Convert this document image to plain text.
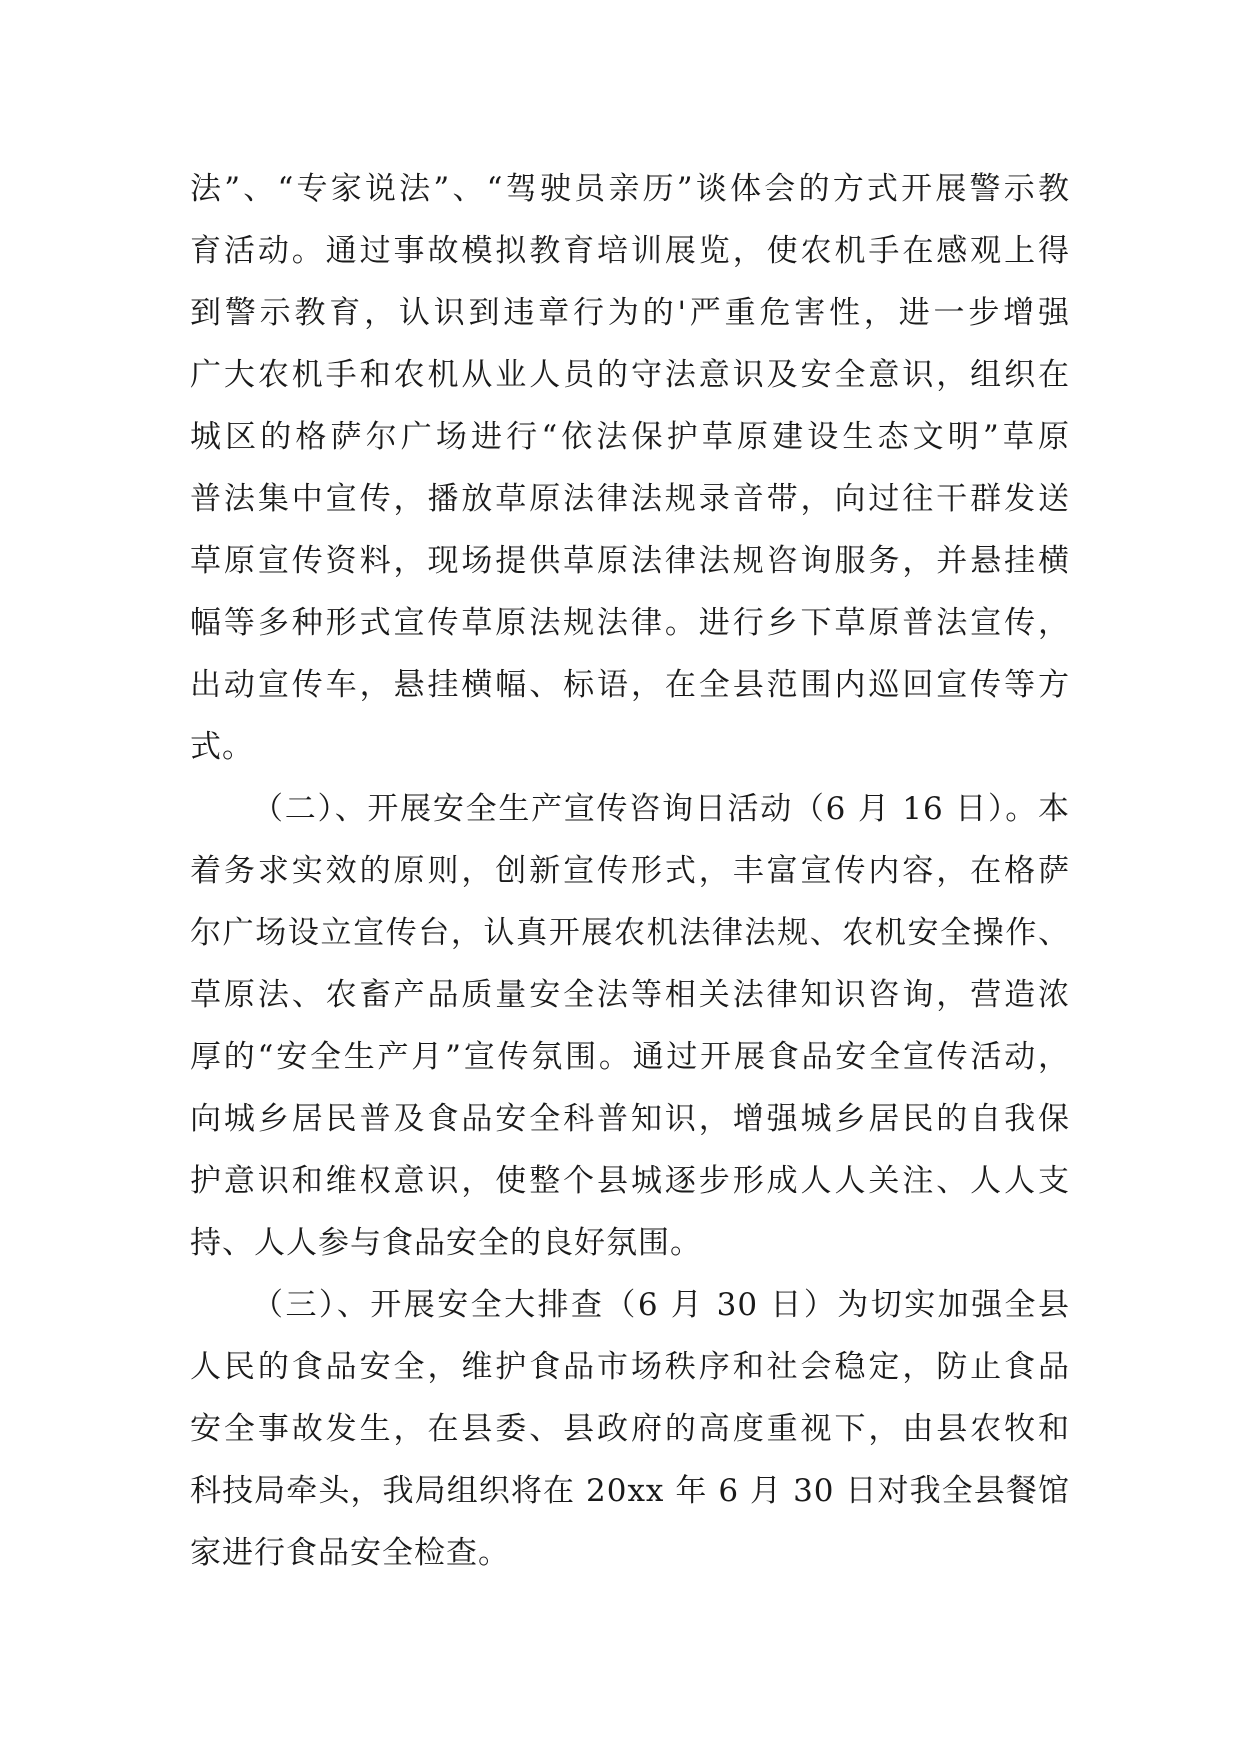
法”、“专家说法”、“驾驶员亲历”谈体会的方式开展警示教
育活动。通过事故模拟教育培训展览，使农机手在感观上得
到警示教育，认识到违章行为的'严重危害性，进一步增强
广大农机手和农机从业人员的守法意识及安全意识，组织在
城区的格萨尔广场进行“依法保护草原建设生态文明”草原
普法集中宣传，播放草原法律法规录音带，向过往干群发送
草原宣传资料，现场提供草原法律法规咨询服务，并悬挂横
幅等多种形式宣传草原法规法律。进行乡下草原普法宣传，
出动宣传车，悬挂横幅、标语，在全县范围内巡回宣传等方
式。
（二）、开展安全生产宣传咨询日活动（6 月 16 日）。本
着务求实效的原则，创新宣传形式，丰富宣传内容，在格萨
尔广场设立宣传台，认真开展农机法律法规、农机安全操作、
草原法、农畜产品质量安全法等相关法律知识咨询，营造浓
厚的“安全生产月”宣传氛围。通过开展食品安全宣传活动，
向城乡居民普及食品安全科普知识，增强城乡居民的自我保
护意识和维权意识，使整个县城逐步形成人人关注、人人支
持、人人参与食品安全的良好氛围。
（三）、开展安全大排查（6 月 30 日）为切实加强全县
人民的食品安全，维护食品市场秩序和社会稳定，防止食品
安全事故发生，在县委、县政府的高度重视下，由县农牧和
科技局牵头，我局组织将在 20xx 年 6 月 30 日对我全县餐馆
家进行食品安全检查。
